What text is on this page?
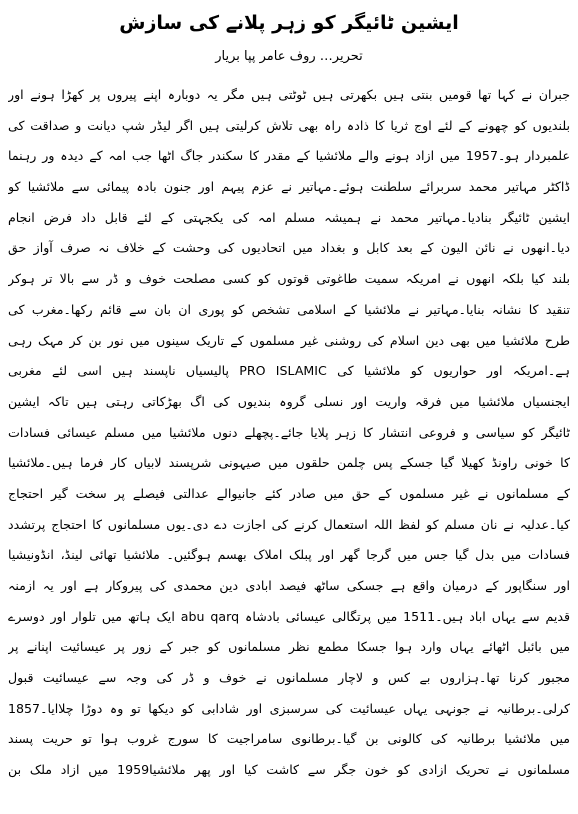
ایشین ٹائیگر کو زہر پلانے کی سازش
تحریر… روف عامر پپا بریار
جبران نے کہا تھا قومیں بنتی ہیں بکھرتی ہیں ٹوٹتی ہیں مگر یہ دوبارہ اپنے پیروں پر کھڑا ہونے اور
بلندیوں کو چھونے کے لئے اوج ثریا کا ذادہ راہ بھی تلاش کرلیتی ہیں اگر لیڈر شپ دیانت و صداقت کی
علمبردار ہو۔1957 میں ازاد ہونے والے ملائشیا کے مقدر کا سکندر جاگ اٹھا جب امہ کے دیدہ ور رہنما
ڈاکٹر مہاتیر محمد سربرائے سلطنت ہوئے۔مہاتیر نے عزم پیہم اور جنون بادہ پیمائی سے ملائشیا کو
ایشین ٹائیگر بنادیا۔مہاتیر محمد نے ہمیشہ مسلم امہ کی یکجہتی کے لئے قابل داد فرض انجام
دیا۔انھوں نے نائن الیون کے بعد کابل و بغداد میں اتحادیوں کی وحشت کے خلاف نہ صرف آواز حق
بلند کیا بلکہ انھوں نے امریکہ سمیت طاغوتی قوتوں کو کسی مصلحت خوف و ڈر سے بالا تر ہوکر
تنقید کا نشانہ بنایا۔مہاتیر نے ملائشیا کے اسلامی تشخص کو پوری ان بان سے قائم رکھا۔مغرب کی
طرح ملائشیا میں بھی دین اسلام کی روشنی غیر مسلموں کے تاریک سینوں میں نور بن کر مہک رہی
ہے۔امریکہ اور حواریوں کو ملائشیا کی PRO ISLAMIC پالیسیاں ناپسند ہیں اسی لئے مغربی
ایجنسیاں ملائشیا میں فرقہ واریت اور نسلی گروہ بندیوں کی اگ بھڑکاتی رہتی ہیں تاکہ ایشین
ٹائیگر کو سیاسی و فروعی انتشار کا زہر پلایا جائے۔پچھلے دنوں ملائشیا میں مسلم عیسائی فسادات
کا خونی راونڈ کھیلا گیا جسکے پس چلمن حلقوں میں صیہونی شرپسند لابیاں کار فرما ہیں۔ملائشیا
کے مسلمانوں نے غیر مسلموں کے حق میں صادر کئے جانیوالے عدالتی فیصلے پر سخت گیر احتجاج
کیا۔عدلیہ نے نان مسلم کو لفظ اللہ استعمال کرنے کی اجازت دے دی۔یوں مسلمانوں کا احتجاج پرتشدد
فسادات میں بدل گیا جس میں گرجا گھر اور پبلک املاک بھسم ہوگئیں۔ ملائشیا تھائی لینڈ، انڈونیشیا
اور سنگاپور کے درمیان واقع ہے جسکی ساٹھ فیصد ابادی دین محمدی کی پیروکار ہے اور یہ ازمنہ
قدیم سے یہاں اباد ہیں۔1511 میں پرتگالی عیسائی بادشاہ abu qarq ایک ہاتھ میں تلوار اور دوسرے
میں بائبل اٹھائے یہاں وارد ہوا جسکا مطمع نظر مسلمانوں کو جبر کے زور پر عیسائیت اپنانے پر
مجبور کرنا تھا۔ہزاروں بے کس و لاچار مسلمانوں نے خوف و ڈر کی وجہ سے عیسائیت قبول
کرلی۔برطانیہ نے جونہی یہاں عیسائیت کی سرسبزی اور شادابی کو دیکھا تو وہ دوڑا چلاایا۔1857
میں ملائشیا برطانیہ کی کالونی بن گیا۔برطانوی سامراجیت کا سورج غروب ہوا تو حریت پسند
مسلمانوں نے تحریک ازادی کو خون جگر سے کاشت کیا اور پھر ملائشیا1959 میں ازاد ملک بن
